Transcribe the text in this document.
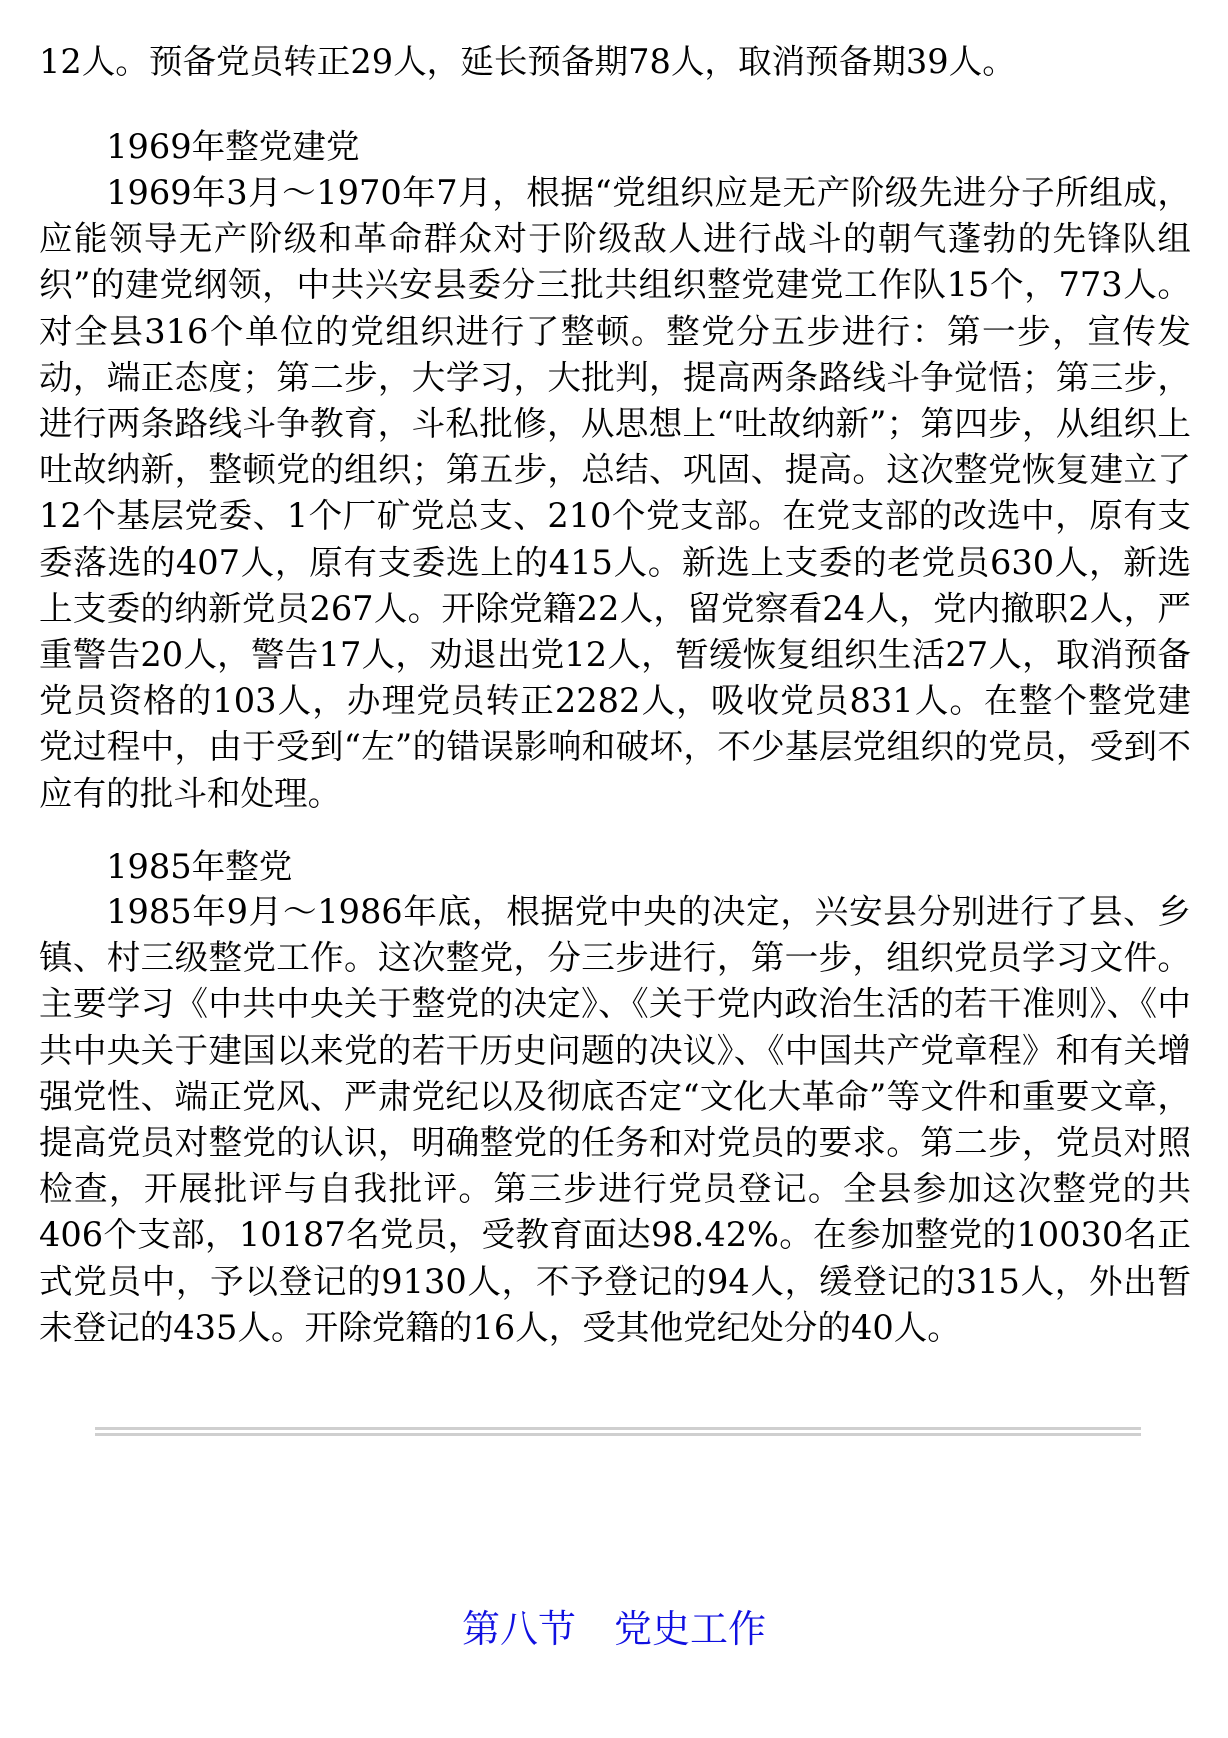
12人。预备党员转正29人，延长预备期78人，取消预备期39人。

1969年整党建党

1969年3月～1970年7月，根据“党组织应是无产阶级先进分子所组成，应能领导无产阶级和革命群众对于阶级敌人进行战斗的朝气蓬勃的先锋队组织”的建党纲领，中共兴安县委分三批共组织整党建党工作队15个，773人。对全县316个单位的党组织进行了整顿。整党分五步进行：第一步，宣传发动，端正态度；第二步，大学习，大批判，提高两条路线斗争觉悟；第三步，进行两条路线斗争教育，斗私批修，从思想上“吐故纳新”；第四步，从组织上吐故纳新，整顿党的组织；第五步，总结、巩固、提高。这次整党恢复建立了12个基层党委、1个厂矿党总支、210个党支部。在党支部的改选中，原有支委落选的407人，原有支委选上的415人。新选上支委的老党员630人，新选上支委的纳新党员267人。开除党籍22人，留党察看24人，党内撤职2人，严重警告20人，警告17人，劝退出党12人，暂缓恢复组织生活27人，取消预备党员资格的103人，办理党员转正2282人，吸收党员831人。在整个整党建党过程中，由于受到“左”的错误影响和破坏，不少基层党组织的党员，受到不应有的批斗和处理。

1985年整党

1985年9月～1986年底，根据党中央的决定，兴安县分别进行了县、乡镇、村三级整党工作。这次整党，分三步进行，第一步，组织党员学习文件。主要学习《中共中央关于整党的决定》、《关于党内政治生活的若干准则》、《中共中央关于建国以来党的若干历史问题的决议》、《中国共产党章程》和有关增强党性、端正党风、严肃党纪以及彻底否定“文化大革命”等文件和重要文章，提高党员对整党的认识，明确整党的任务和对党员的要求。第二步，党员对照检查，开展批评与自我批评。第三步进行党员登记。全县参加这次整党的共406个支部，10187名党员，受教育面达98.42%。在参加整党的10030名正式党员中，予以登记的9130人，不予登记的94人，缓登记的315人，外出暂未登记的435人。开除党籍的16人，受其他党纪处分的40人。

第八节　党史工作
